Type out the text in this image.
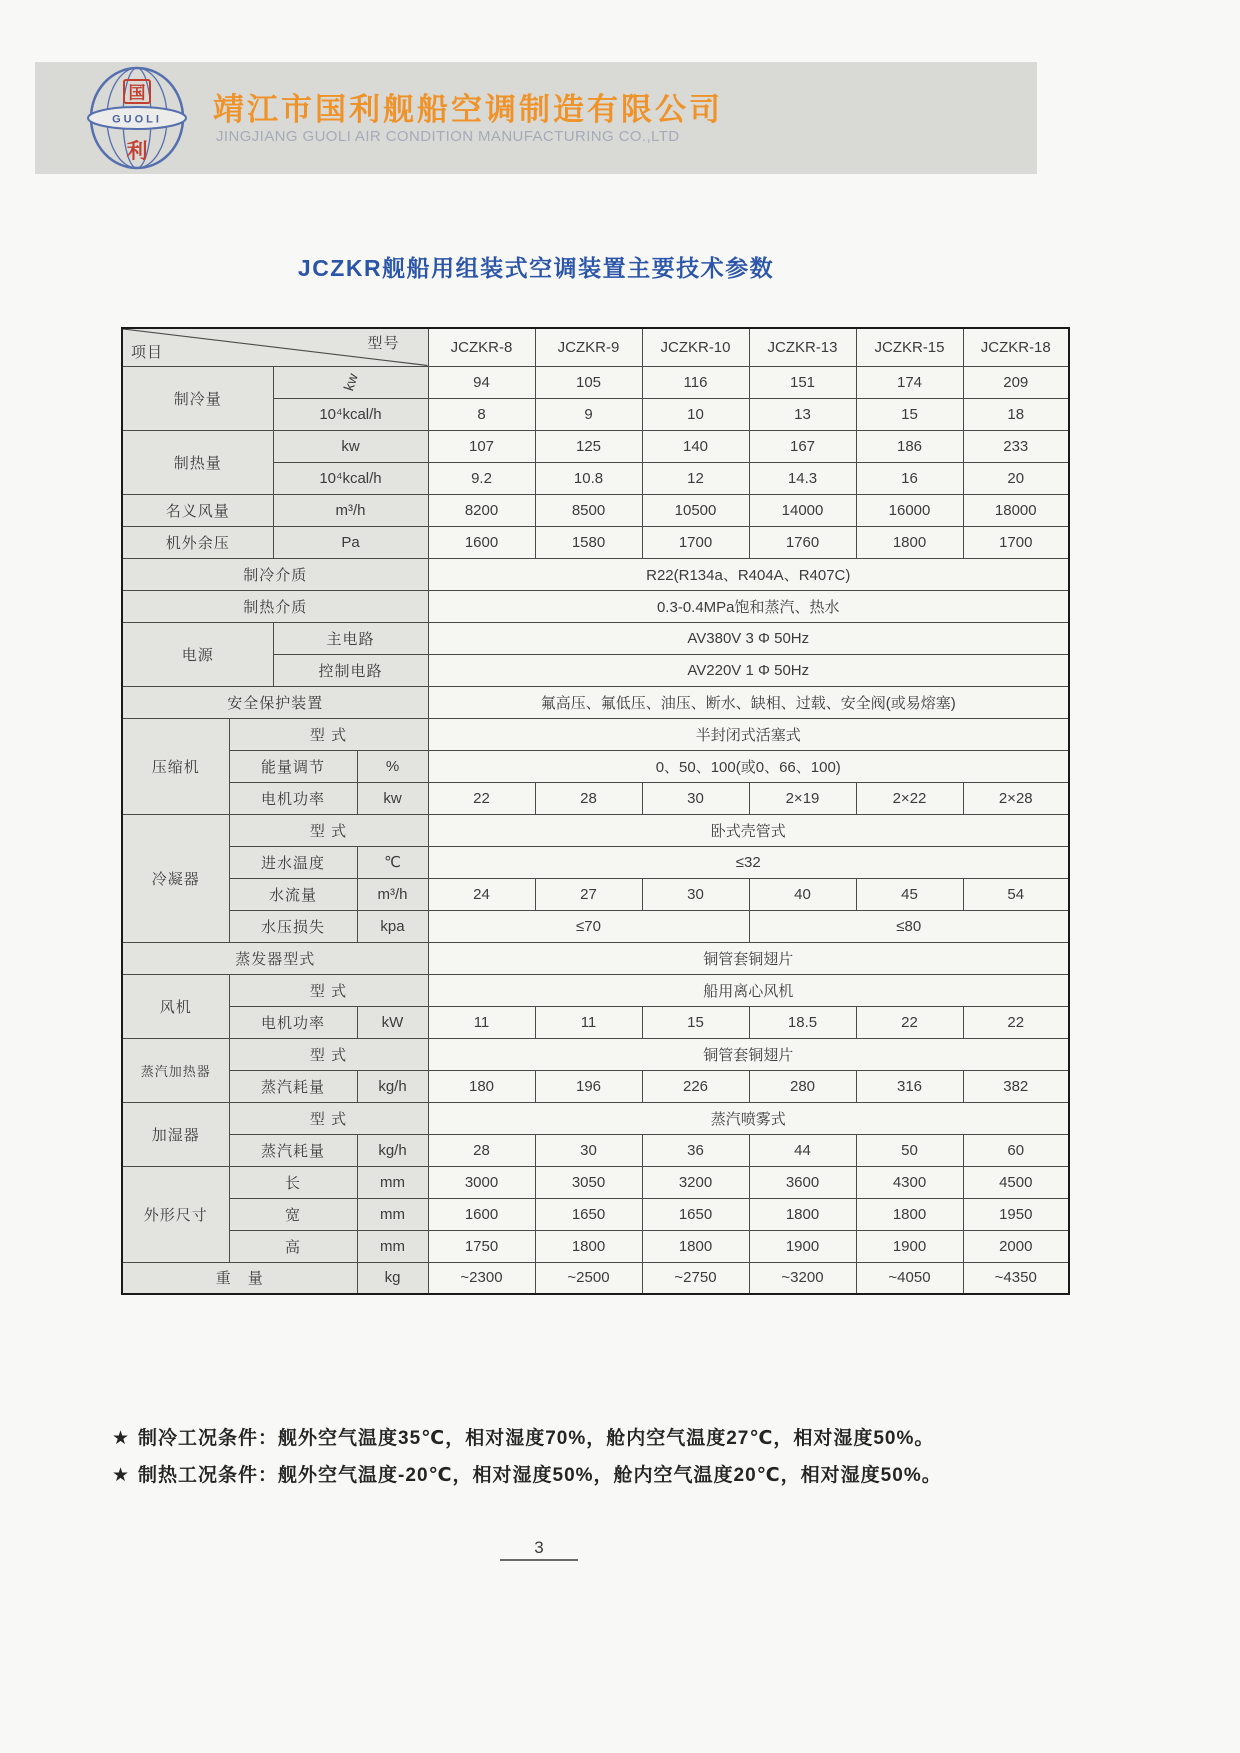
GUOLI
国
利
靖江市国利舰船空调制造有限公司
JINGJIANG GUOLI AIR CONDITION MANUFACTURING CO.,LTD
JCZKR舰船用组装式空调装置主要技术参数
型号
项目				JCZKR-8	JCZKR-9	JCZKR-10	JCZKR-13	JCZKR-15	JCZKR-18
制冷量		kw		94	105	116	151	174	209
		10⁴kcal/h		8	9	10	13	15	18
制热量		kw		107	125	140	167	186	233
		10⁴kcal/h		9.2	10.8	12	14.3	16	20
名义风量		m³/h		8200	8500	10500	14000	16000	18000
机外余压		Pa		1600	1580	1700	1760	1800	1700
制冷介质				R22(R134a、R404A、R407C)					
制热介质				0.3-0.4MPa饱和蒸汽、热水					
电源		主电路		AV380V 3 Φ 50Hz					
		控制电路		AV220V 1 Φ 50Hz					
安全保护装置				氟高压、氟低压、油压、断水、缺相、过载、安全阀(或易熔塞)					
压缩机	型 式			半封闭式活塞式					
	能量调节		%	0、50、100(或0、66、100)					
	电机功率		kw	22	28	30	2×19	2×22	2×28
冷凝器	型 式			卧式壳管式					
	进水温度		℃	≤32					
	水流量		m³/h	24	27	30	40	45	54
	水压损失		kpa	≤70			≤80		
蒸发器型式				铜管套铜翅片					
风机	型 式			船用离心风机					
	电机功率		kW	11	11	15	18.5	22	22
蒸汽加热器	型 式			铜管套铜翅片					
	蒸汽耗量		kg/h	180	196	226	280	316	382
加湿器	型 式			蒸汽喷雾式					
	蒸汽耗量		kg/h	28	30	36	44	50	60
外形尺寸	长		mm	3000	3050	3200	3600	4300	4500
	宽		mm	1600	1650	1650	1800	1800	1950
	高		mm	1750	1800	1800	1900	1900	2000
重　量			kg	~2300	~2500	~2750	~3200	~4050	~4350
★ 制冷工况条件：舰外空气温度35℃，相对湿度70%，舱内空气温度27℃，相对湿度50%。
★ 制热工况条件：舰外空气温度-20℃，相对湿度50%，舱内空气温度20℃，相对湿度50%。
3
